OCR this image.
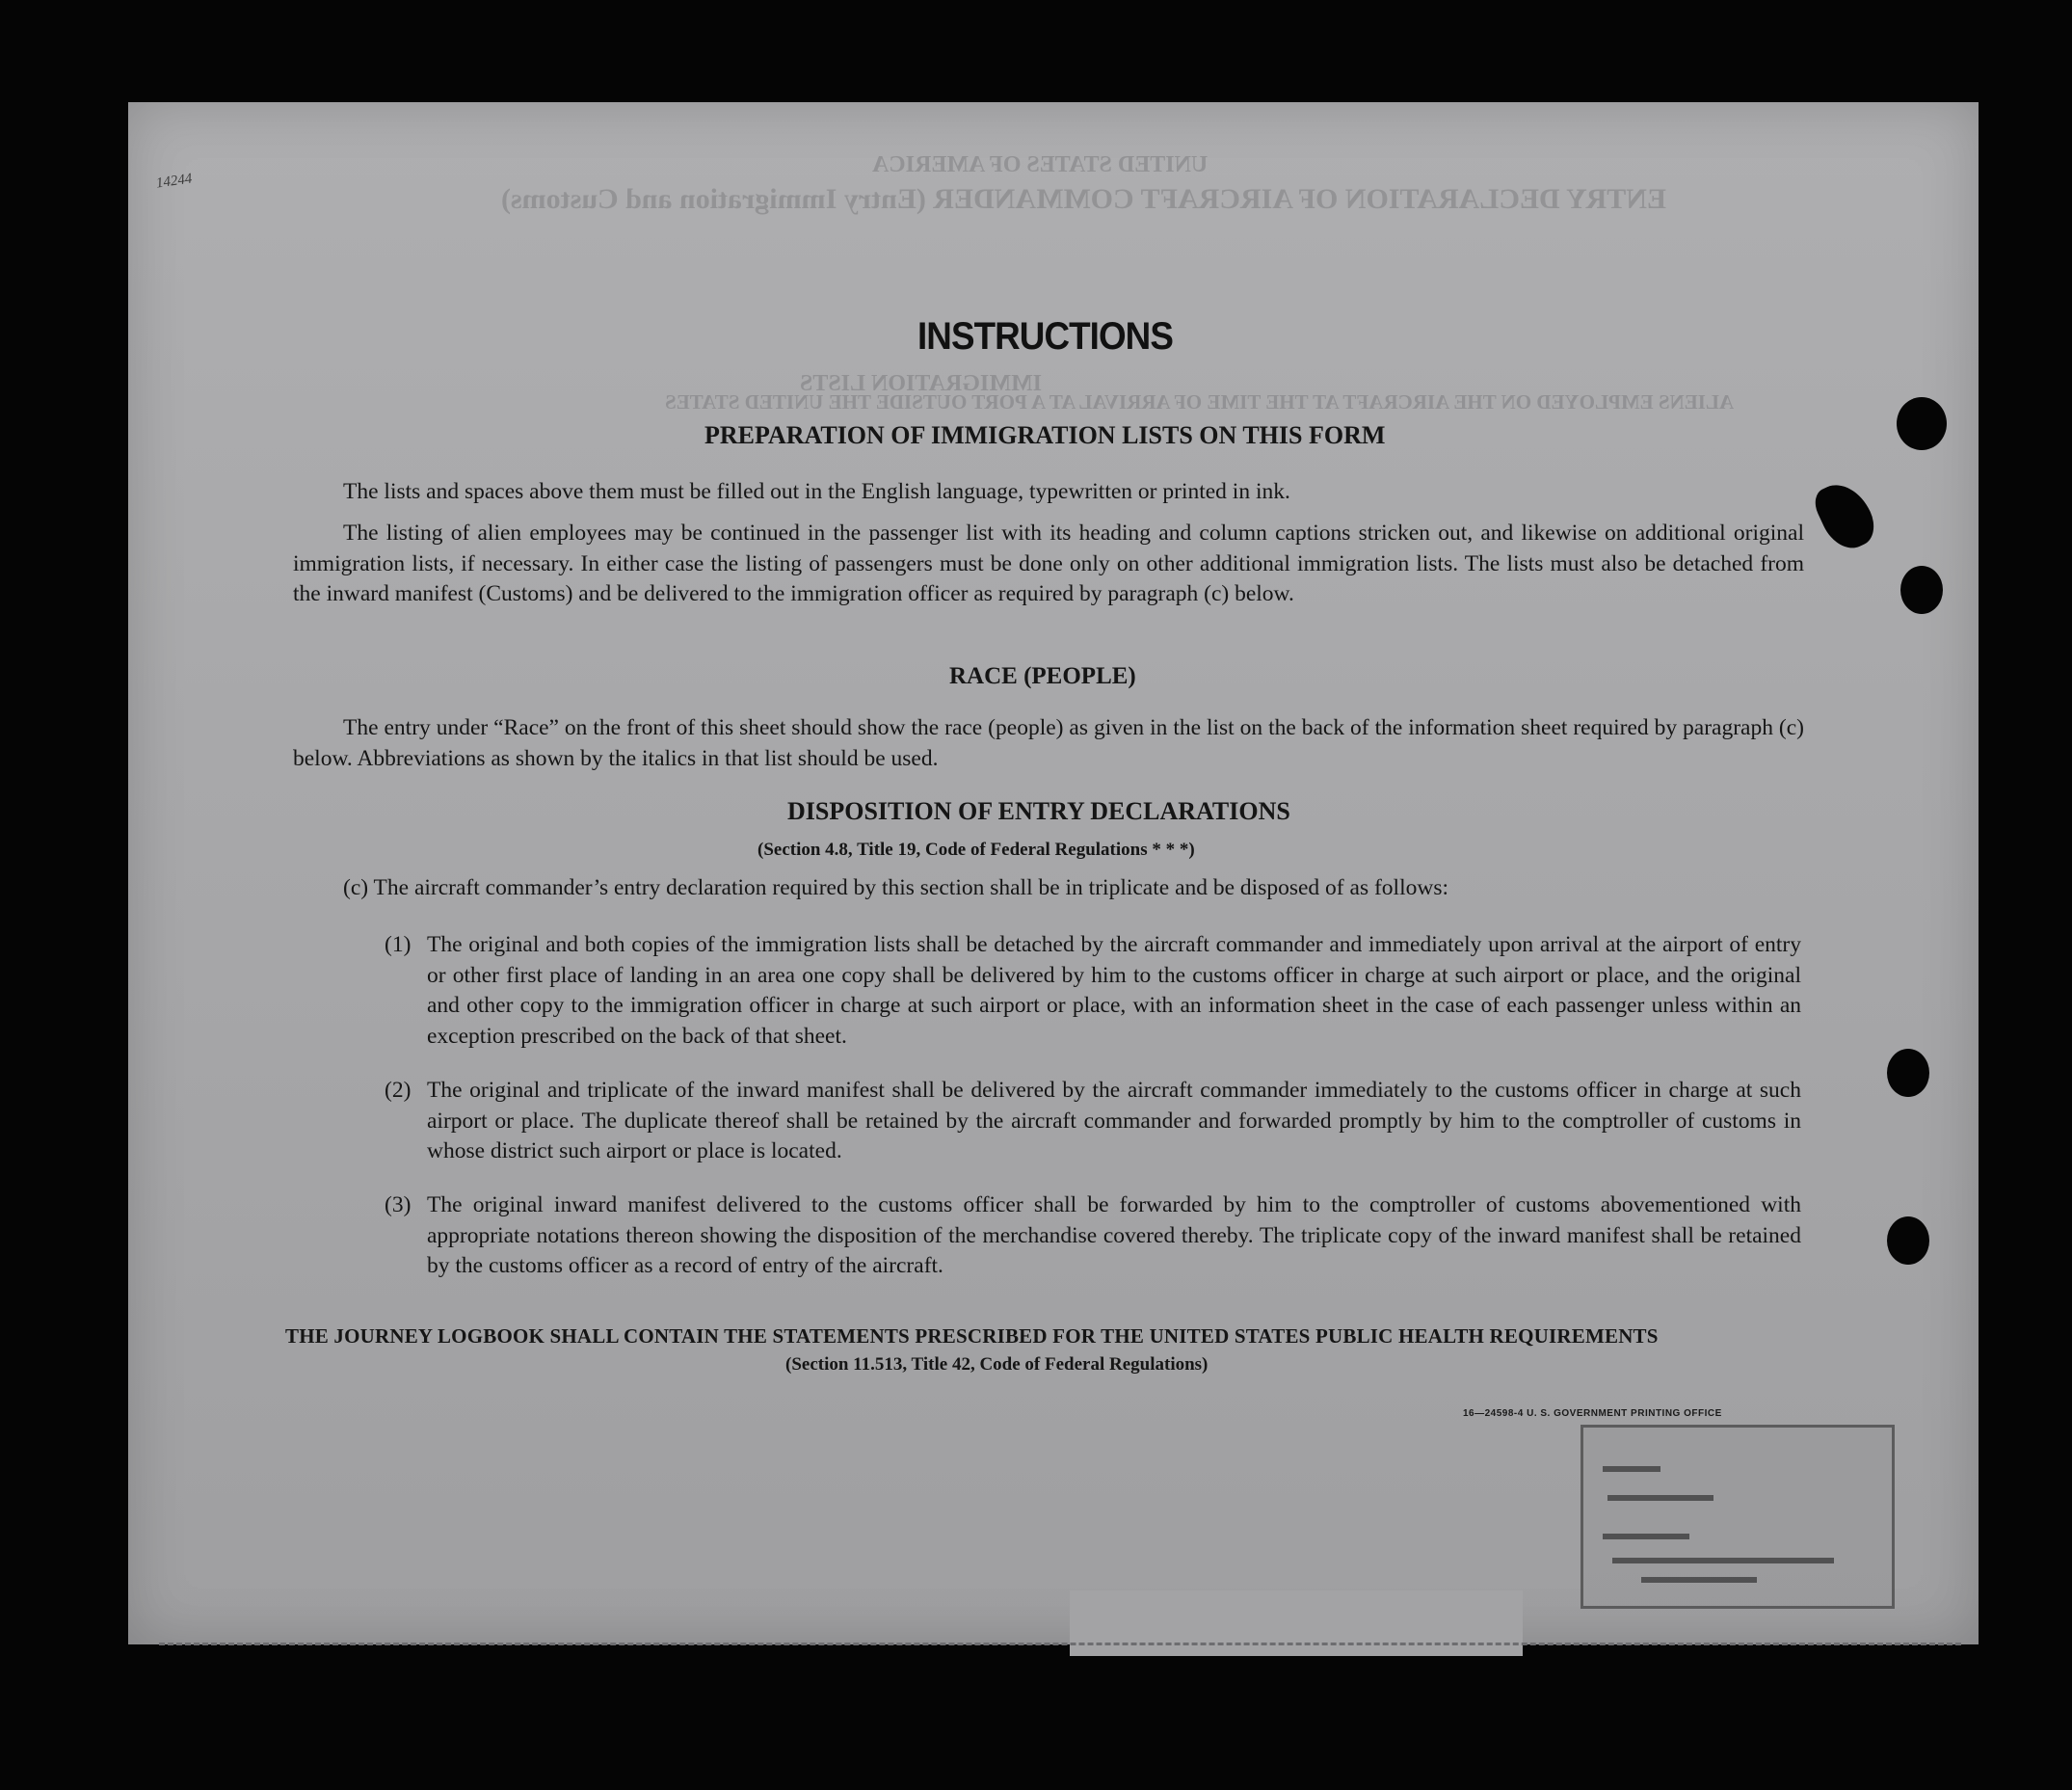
UNITED STATES OF AMERICA
ENTRY DECLARATION OF AIRCRAFT COMMANDER (Entry Immigration and Customs)
IMMIGRATION LISTS
ALIENS EMPLOYED ON THE AIRCRAFT AT THE TIME OF ARRIVAL AT A PORT OUTSIDE THE UNITED STATES
14244
INSTRUCTIONS
PREPARATION OF IMMIGRATION LISTS ON THIS FORM
The lists and spaces above them must be filled out in the English language, typewritten or printed in ink.
The listing of alien employees may be continued in the passenger list with its heading and column captions stricken out, and likewise on additional original immigration lists, if necessary. In either case the listing of passengers must be done only on other additional immigration lists. The lists must also be detached from the inward manifest (Customs) and be delivered to the immigration officer as required by paragraph (c) below.
RACE (PEOPLE)
The entry under “Race” on the front of this sheet should show the race (people) as given in the list on the back of the information sheet required by paragraph (c) below. Abbreviations as shown by the italics in that list should be used.
DISPOSITION OF ENTRY DECLARATIONS
(Section 4.8, Title 19, Code of Federal Regulations * * *)
(c) The aircraft commander’s entry declaration required by this section shall be in triplicate and be disposed of as follows:
(1) The original and both copies of the immigration lists shall be detached by the aircraft commander and immediately upon arrival at the airport of entry or other first place of landing in an area one copy shall be delivered by him to the customs officer in charge at such airport or place, and the original and other copy to the immigration officer in charge at such airport or place, with an information sheet in the case of each passenger unless within an exception prescribed on the back of that sheet.
(2) The original and triplicate of the inward manifest shall be delivered by the aircraft commander immediately to the customs officer in charge at such airport or place. The duplicate thereof shall be retained by the aircraft commander and forwarded promptly by him to the comptroller of customs in whose district such airport or place is located.
(3) The original inward manifest delivered to the customs officer shall be forwarded by him to the comptroller of customs abovementioned with appropriate notations thereon showing the disposition of the merchandise covered thereby. The triplicate copy of the inward manifest shall be retained by the customs officer as a record of entry of the aircraft.
THE JOURNEY LOGBOOK SHALL CONTAIN THE STATEMENTS PRESCRIBED FOR THE UNITED STATES PUBLIC HEALTH REQUIREMENTS
(Section 11.513, Title 42, Code of Federal Regulations)
16—24598-4 U. S. GOVERNMENT PRINTING OFFICE
